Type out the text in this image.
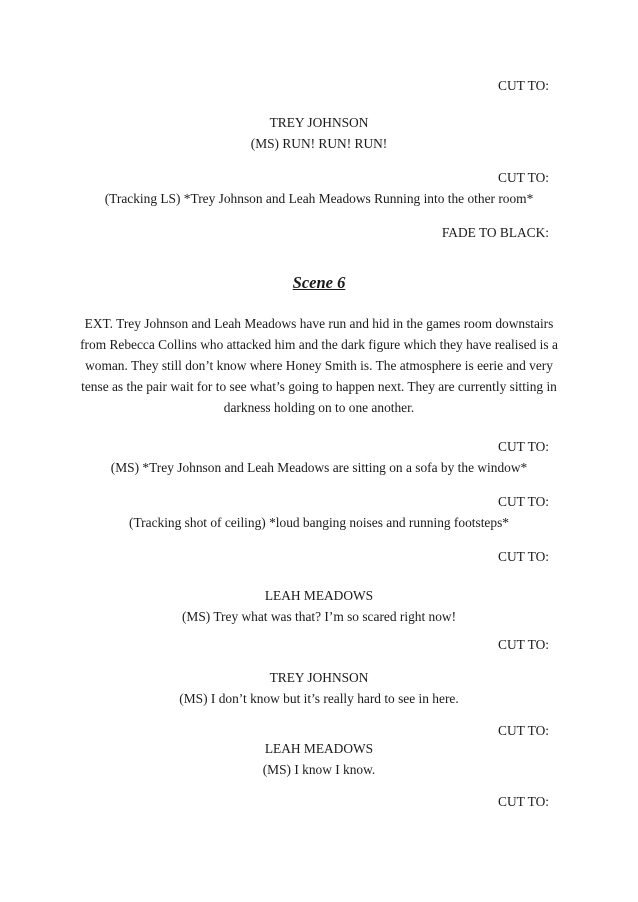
CUT TO:
TREY JOHNSON
(MS) RUN! RUN! RUN!
CUT TO:
(Tracking LS) *Trey Johnson and Leah Meadows Running into the other room*
FADE TO BLACK:
Scene 6
EXT. Trey Johnson and Leah Meadows have run and hid in the games room downstairs from Rebecca Collins who attacked him and the dark figure which they have realised is a woman. They still don’t know where Honey Smith is. The atmosphere is eerie and very tense as the pair wait for to see what’s going to happen next. They are currently sitting in darkness holding on to one another.
CUT TO:
(MS) *Trey Johnson and Leah Meadows are sitting on a sofa by the window*
CUT TO:
(Tracking shot of ceiling) *loud banging noises and running footsteps*
CUT TO:
LEAH MEADOWS
(MS) Trey what was that? I’m so scared right now!
CUT TO:
TREY JOHNSON
(MS) I don’t know but it’s really hard to see in here.
CUT TO:
LEAH MEADOWS
(MS) I know I know.
CUT TO:
